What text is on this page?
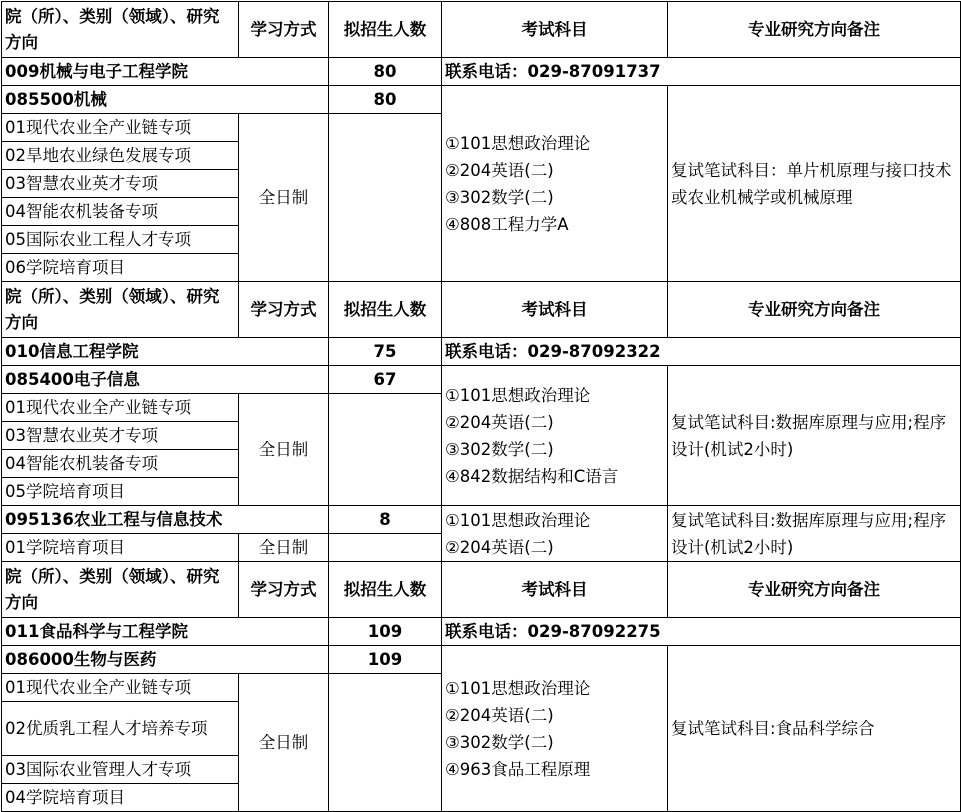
院（所）、类别（领域）、研究方向	学习方式	拟招生人数	考试科目	专业研究方向备注
009机械与电子工程学院		80	联系电话：029-87091737	
085500机械		80	①101思想政治理论
②204英语(二)
③302数学(二)
④808工程力学A	复试笔试科目：单片机原理与接口技术或农业机械学或机械原理
01现代农业全产业链专项	全日制			
02旱地农业绿色发展专项				
03智慧农业英才专项				
04智能农机装备专项				
05国际农业工程人才专项				
06学院培育项目				
院（所）、类别（领域）、研究方向	学习方式	拟招生人数	考试科目	专业研究方向备注
010信息工程学院		75	联系电话：029-87092322	
085400电子信息		67	①101思想政治理论
②204英语(二)
③302数学(二)
④842数据结构和C语言	复试笔试科目:数据库原理与应用;程序设计(机试2小时)
01现代农业全产业链专项	全日制			
03智慧农业英才专项				
04智能农机装备专项				
05学院培育项目				
095136农业工程与信息技术		8	①101思想政治理论
②204英语(二)	复试笔试科目:数据库原理与应用;程序设计(机试2小时)
01学院培育项目	全日制			
院（所）、类别（领域）、研究方向	学习方式	拟招生人数	考试科目	专业研究方向备注
011食品科学与工程学院		109	联系电话：029-87092275	
086000生物与医药		109	①101思想政治理论
②204英语(二)
③302数学(二)
④963食品工程原理	复试笔试科目:食品科学综合
01现代农业全产业链专项	全日制			
02优质乳工程人才培养专项				
03国际农业管理人才专项				
04学院培育项目				
